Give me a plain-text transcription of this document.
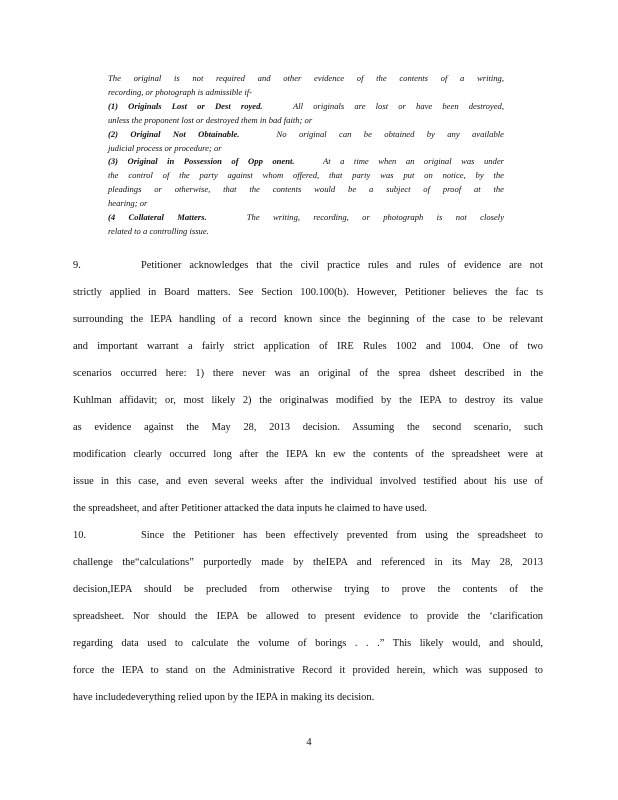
The original is not required and other evidence of the contents of a writing,
recording, or photograph is admissible if-
(1) Originals Lost or Dest royed.	All originals are lost or have been destroyed,
unless the proponent lost or destroyed them in bad faith; or
(2) Original Not Obtainable.	No original can be obtained by any available
judicial process or procedure; or
(3) Original in Possession of Opp onent.	At a time when an original was under
the control of the party against whom offered, that party was put on notice, by the
pleadings or otherwise, that the contents would be a subject of proof at the
hearing; or
(4 Collateral Matters.	The writing, recording, or photograph is not closely
related to a controlling issue.
9.	Petitioner acknowledges that the civil practice rules and rules of evidence are not
strictly applied in Board matters. See Section 100.100(b). However, Petitioner believes the fac ts
surrounding the IEPA handling of a record known since the beginning of the case to be relevant
and important warrant a fairly strict application of IRE Rules 1002 and 1004. One of two
scenarios occurred here: 1) there never was an original of the sprea dsheet described in the
Kuhlman affidavit; or, most likely 2) the originalwas modified by the IEPA to destroy its value
as evidence against the May 28, 2013 decision. Assuming the second scenario, such
modification clearly occurred long after the IEPA kn ew the contents of the spreadsheet were at
issue in this case, and even several weeks after the individual involved testified about his use of
the spreadsheet, and after Petitioner attacked the data inputs he claimed to have used.
10.	Since the Petitioner has been effectively prevented from using the spreadsheet to
challenge the“calculations” purportedly made by theIEPA and referenced in its May 28, 2013
decision,IEPA should be precluded from otherwise trying to prove the contents of the
spreadsheet. Nor should the IEPA be allowed to present evidence to provide the ‘clarification
regarding data used to calculate the volume of borings . . .” This likely would, and should,
force the IEPA to stand on the Administrative Record it provided herein, which was supposed to
have includedeverything relied upon by the IEPA in making its decision.
4
